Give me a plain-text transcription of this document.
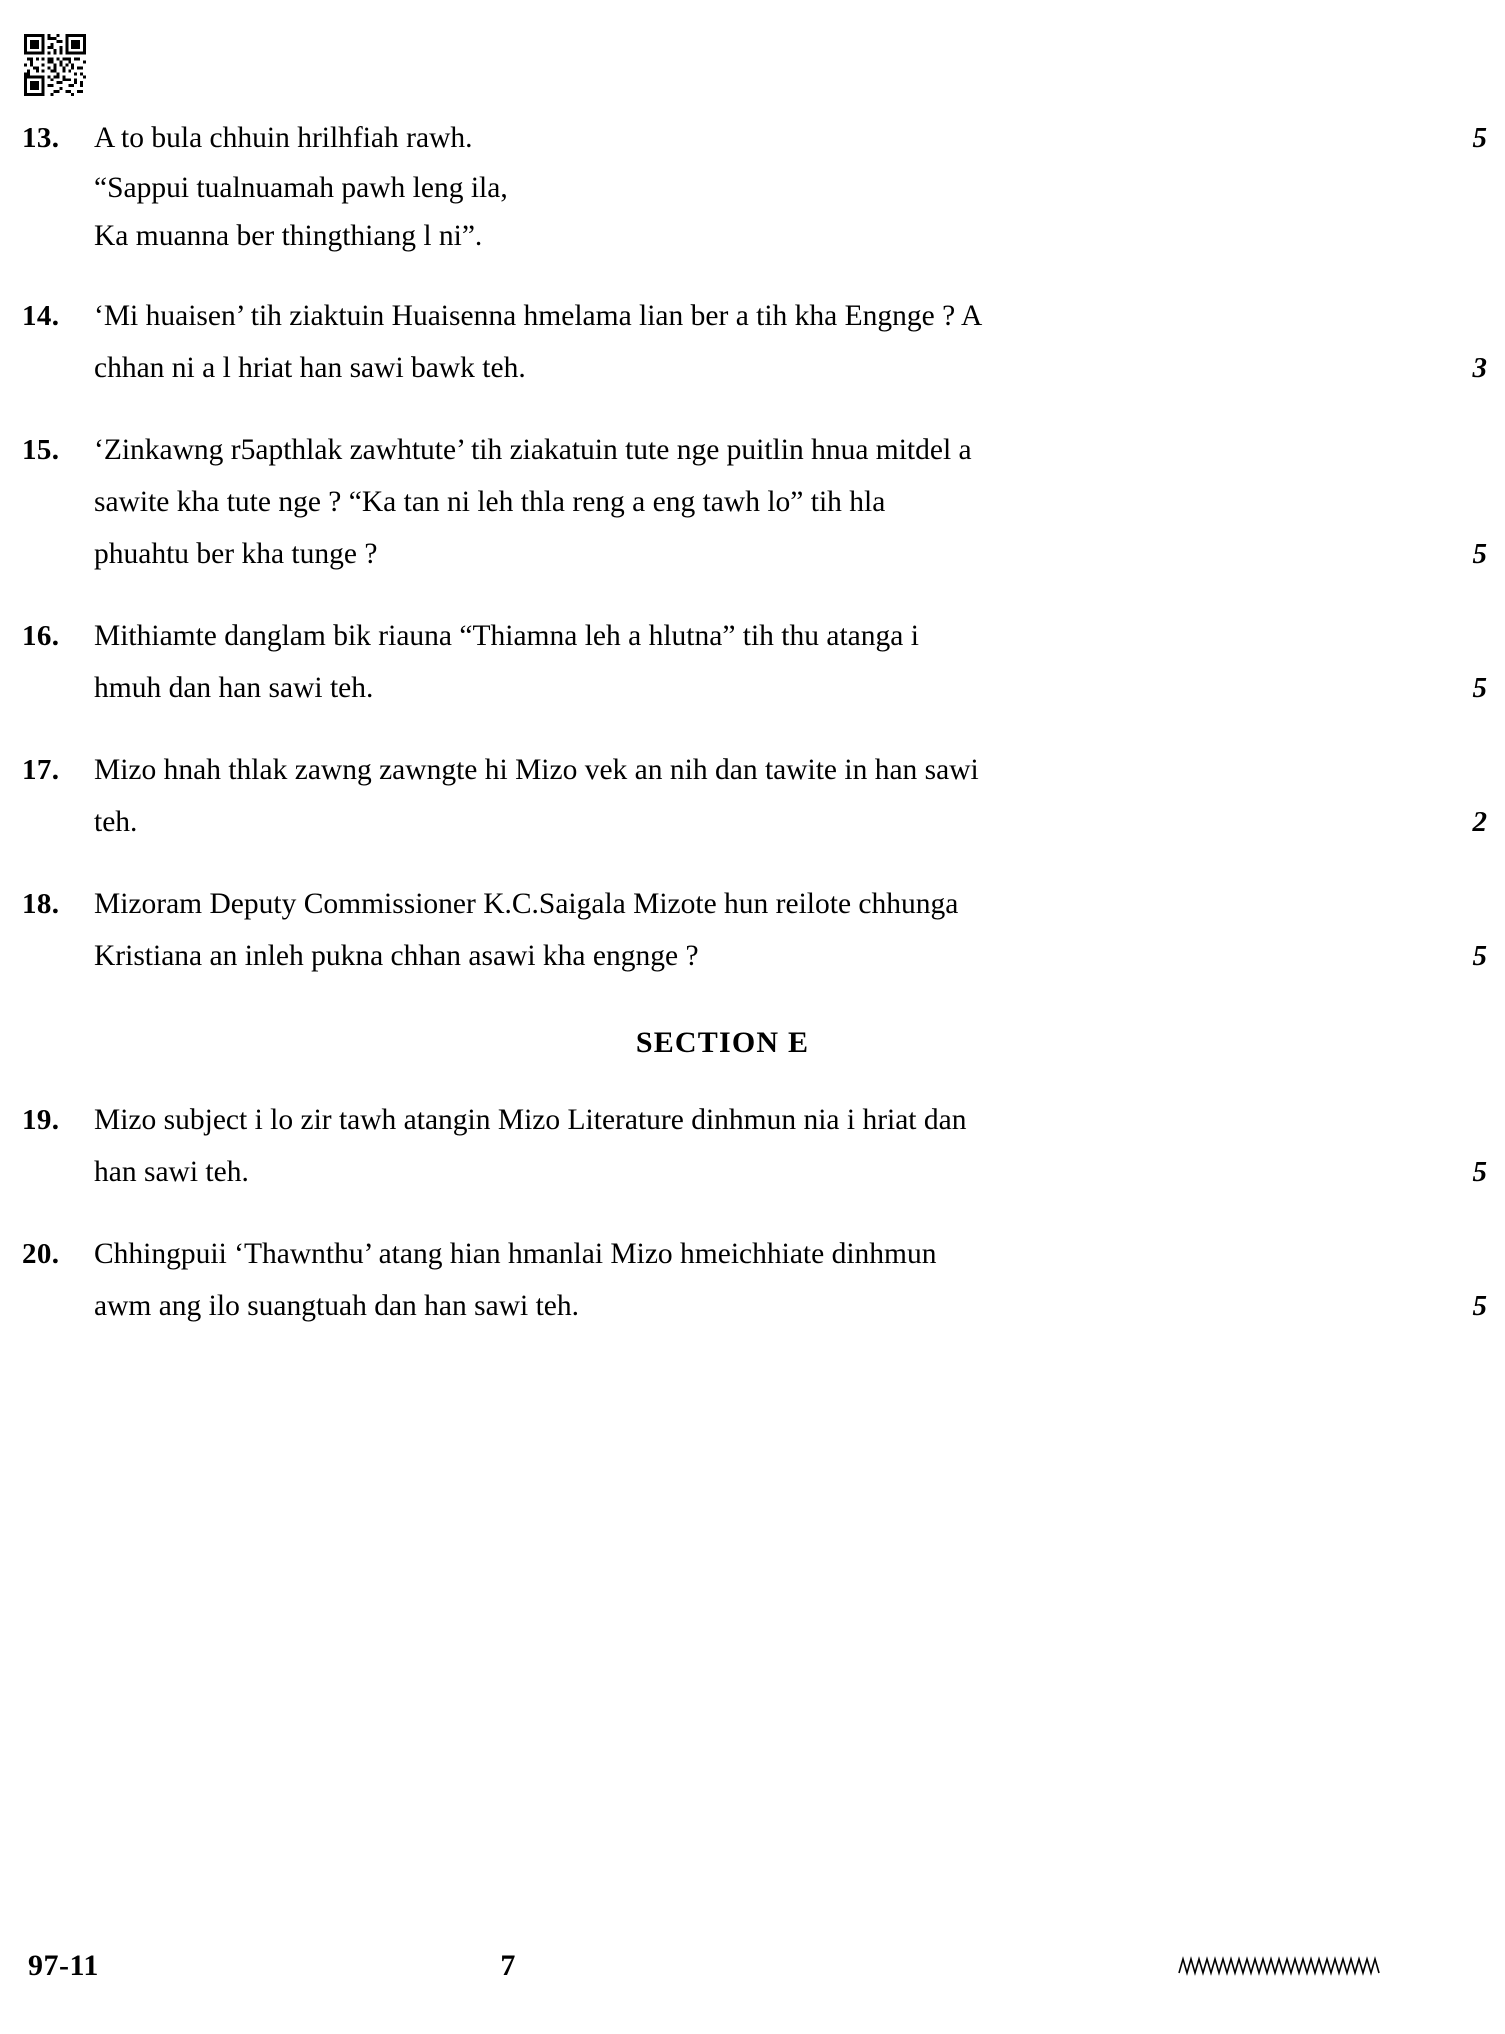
13.	A to bula chhuin hrilhfiah rawh.	5
“Sappui tualnuamah pawh leng ila,
Ka muanna ber thingthiang l ni”.
14.	‘Mi huaisen’ tih ziaktuin Huaisenna hmelama lian ber a tih kha Engnge ? A
chhan ni a l hriat han sawi bawk teh.	3
15.	‘Zinkawng r5apthlak zawhtute’ tih ziakatuin tute nge puitlin hnua mitdel a
sawite kha tute nge ? “Ka tan ni leh thla reng a eng tawh lo” tih hla
phuahtu ber kha tunge ?	5
16.	Mithiamte danglam bik riauna “Thiamna leh a hlutna” tih thu atanga i
hmuh dan han sawi teh.	5
17.	Mizo hnah thlak zawng zawngte hi Mizo vek an nih dan tawite in han sawi
teh.	2
18.	Mizoram Deputy Commissioner K.C.Saigala Mizote hun reilote chhunga
Kristiana an inleh pukna chhan asawi kha engnge ?	5
SECTION E
19.	Mizo subject i lo zir tawh atangin Mizo Literature dinhmun nia i hriat dan
han sawi teh.	5
20.	Chhingpuii ‘Thawnthu’ atang hian hmanlai Mizo hmeichhiate dinhmun
awm ang ilo suangtuah dan han sawi teh.	5
97-11	7
